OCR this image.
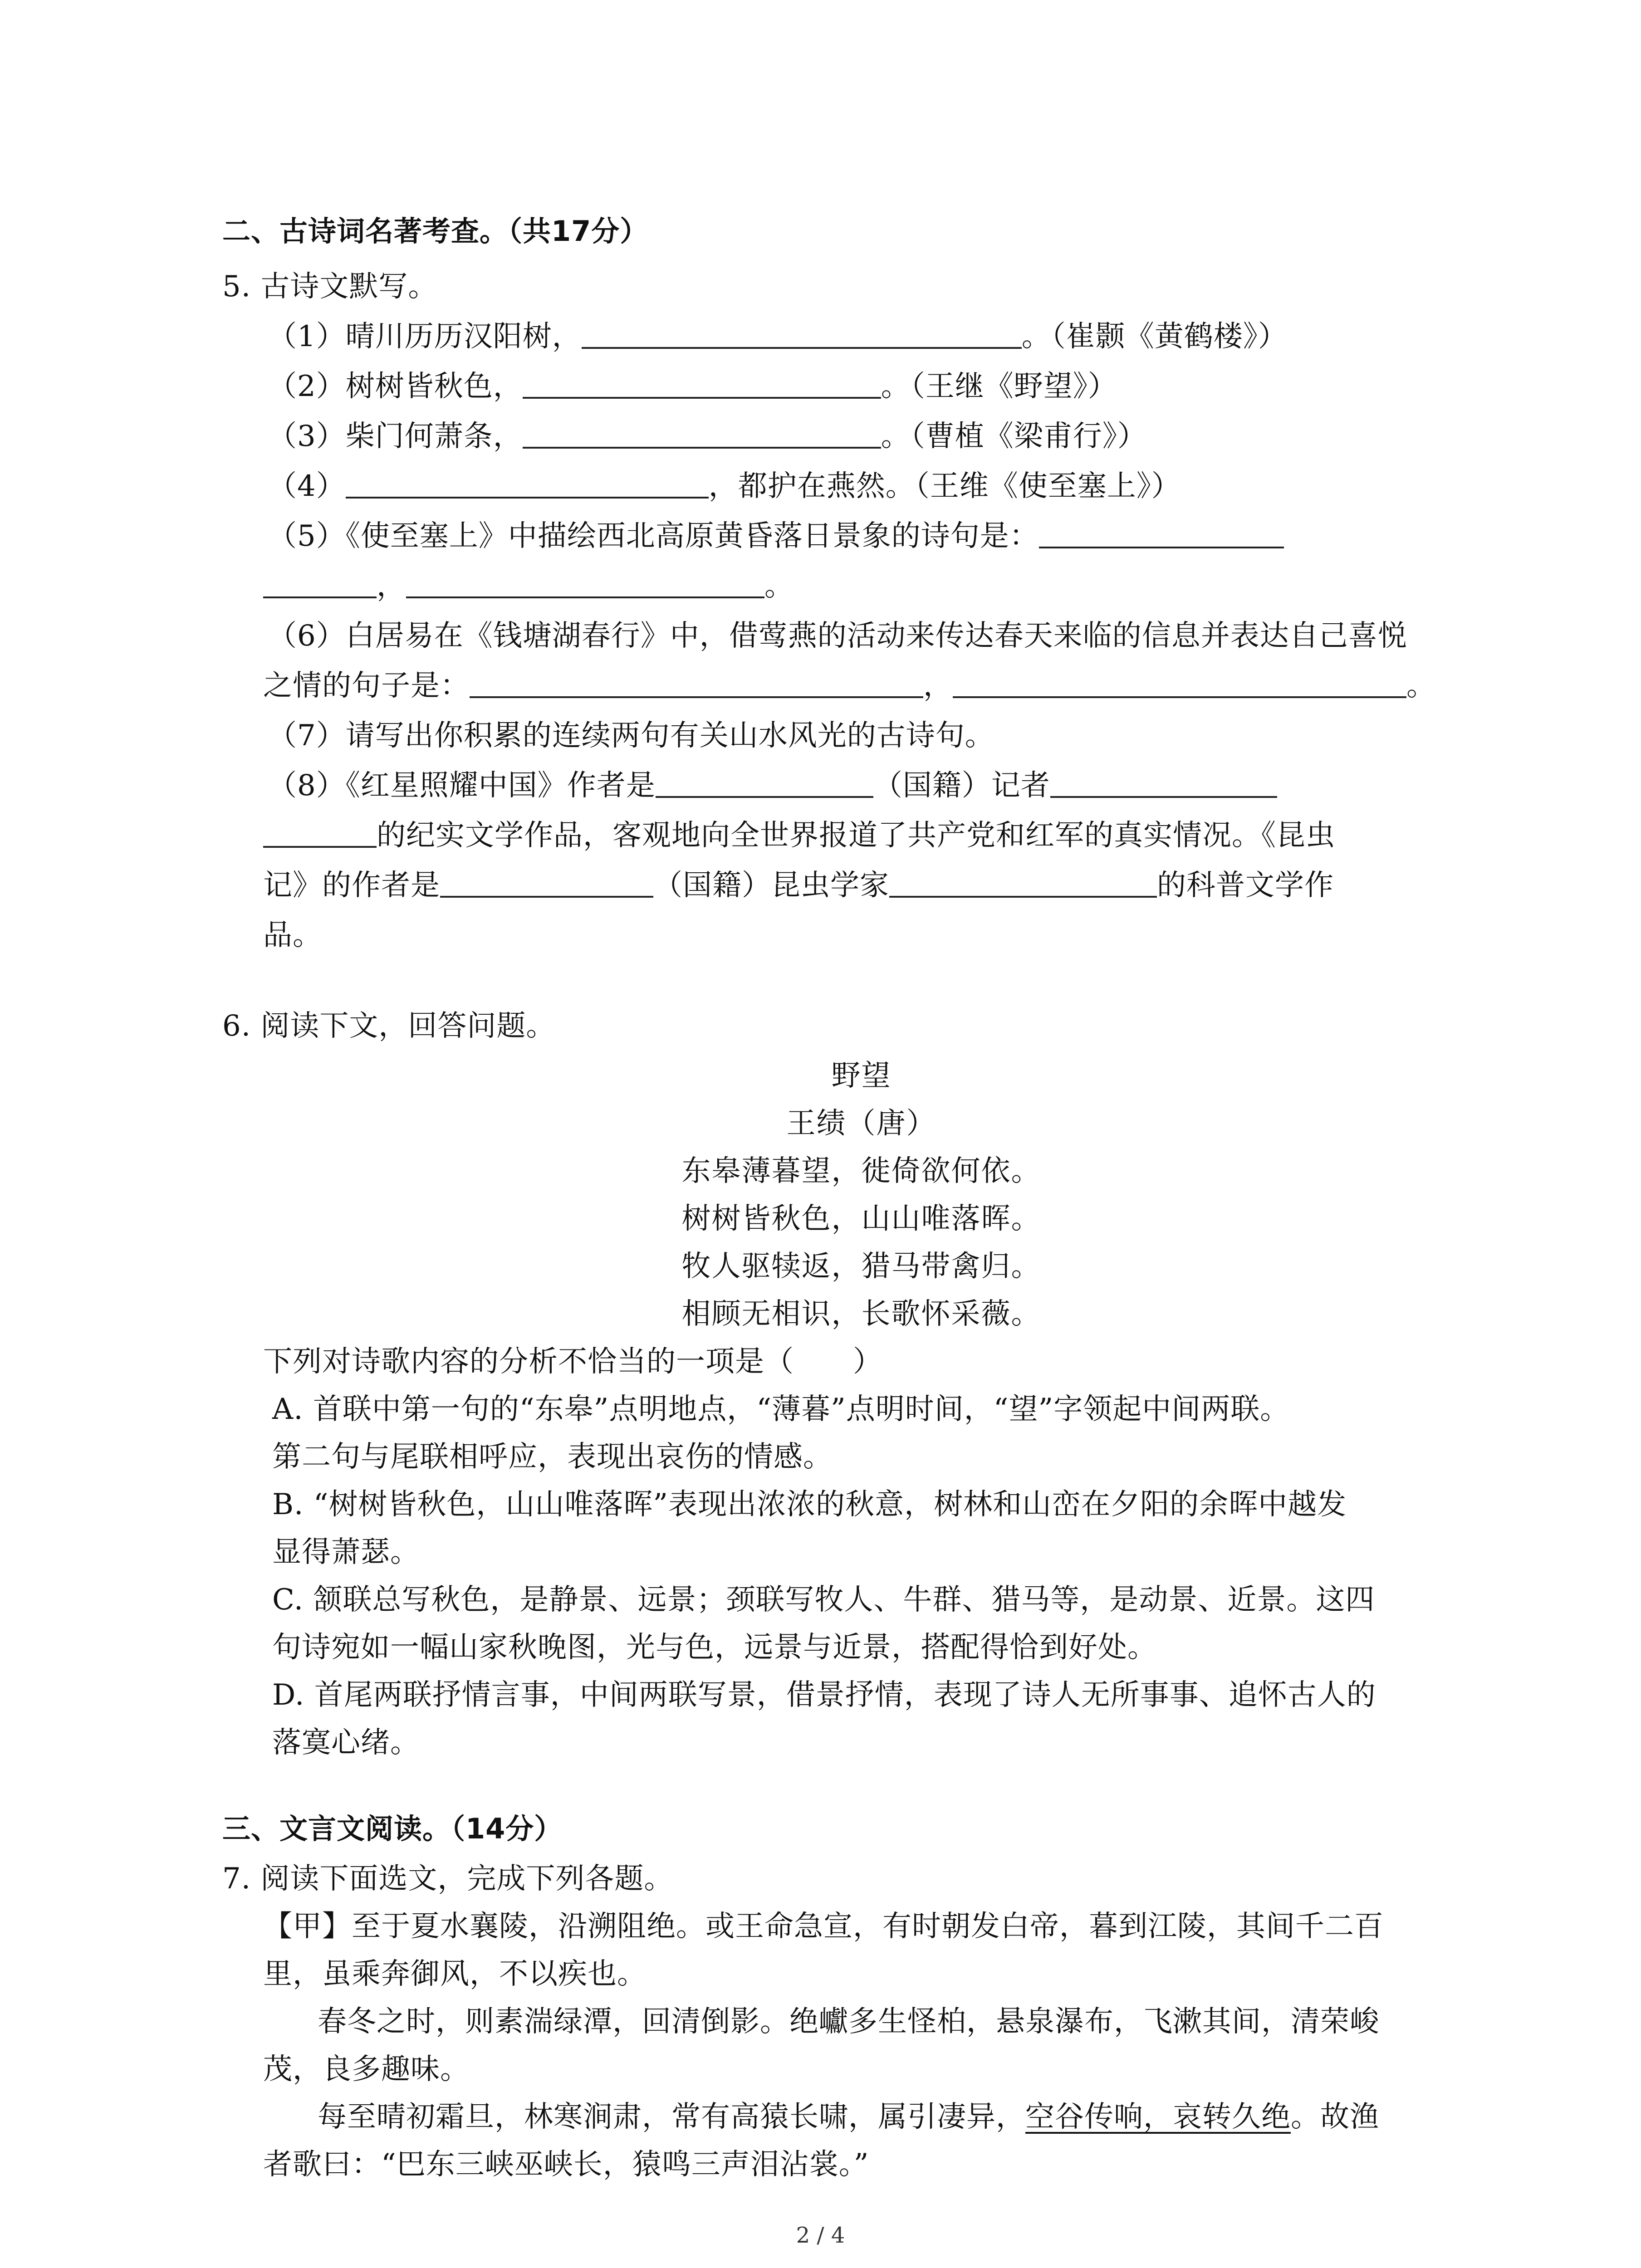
二、古诗词名著考查。（共17分）
5. 古诗文默写。
（1）晴川历历汉阳树，	。（崔颢《黄鹤楼》）
（2）树树皆秋色，	。（王继《野望》）
（3）柴门何萧条，	。（曹植《梁甫行》）
（4）	，都护在燕然。（王维《使至塞上》）
（5）《使至塞上》中描绘西北高原黄昏落日景象的诗句是：
，	。
（6）白居易在《钱塘湖春行》中，借莺燕的活动来传达春天来临的信息并表达自己喜悦
之情的句子是：	，	。
（7）请写出你积累的连续两句有关山水风光的古诗句。
（8）《红星照耀中国》作者是	（国籍）记者
的纪实文学作品，客观地向全世界报道了共产党和红军的真实情况。《昆虫
记》的作者是	（国籍）昆虫学家	的科普文学作
品。
6. 阅读下文，回答问题。
野望
王绩（唐）
东皋薄暮望，徙倚欲何依。
树树皆秋色，山山唯落晖。
牧人驱犊返，猎马带禽归。
相顾无相识，长歌怀采薇。
下列对诗歌内容的分析不恰当的一项是（　　）
A. 首联中第一句的“东皋”点明地点，“薄暮”点明时间，“望”字领起中间两联。
第二句与尾联相呼应，表现出哀伤的情感。
B. “树树皆秋色，山山唯落晖”表现出浓浓的秋意，树林和山峦在夕阳的余晖中越发
显得萧瑟。
C. 颔联总写秋色，是静景、远景；颈联写牧人、牛群、猎马等，是动景、近景。这四
句诗宛如一幅山家秋晚图，光与色，远景与近景，搭配得恰到好处。
D. 首尾两联抒情言事，中间两联写景，借景抒情，表现了诗人无所事事、追怀古人的
落寞心绪。
三、文言文阅读。（14分）
7. 阅读下面选文，完成下列各题。
【甲】至于夏水襄陵，沿溯阻绝。或王命急宣，有时朝发白帝，暮到江陵，其间千二百
里，虽乘奔御风，不以疾也。
春冬之时，则素湍绿潭，回清倒影。绝巘多生怪柏，悬泉瀑布，飞漱其间，清荣峻
茂，良多趣味。
每至晴初霜旦，林寒涧肃，常有高猿长啸，属引凄异，空谷传响，哀转久绝。故渔
者歌曰：“巴东三峡巫峡长，猿鸣三声泪沾裳。”
2 / 4
